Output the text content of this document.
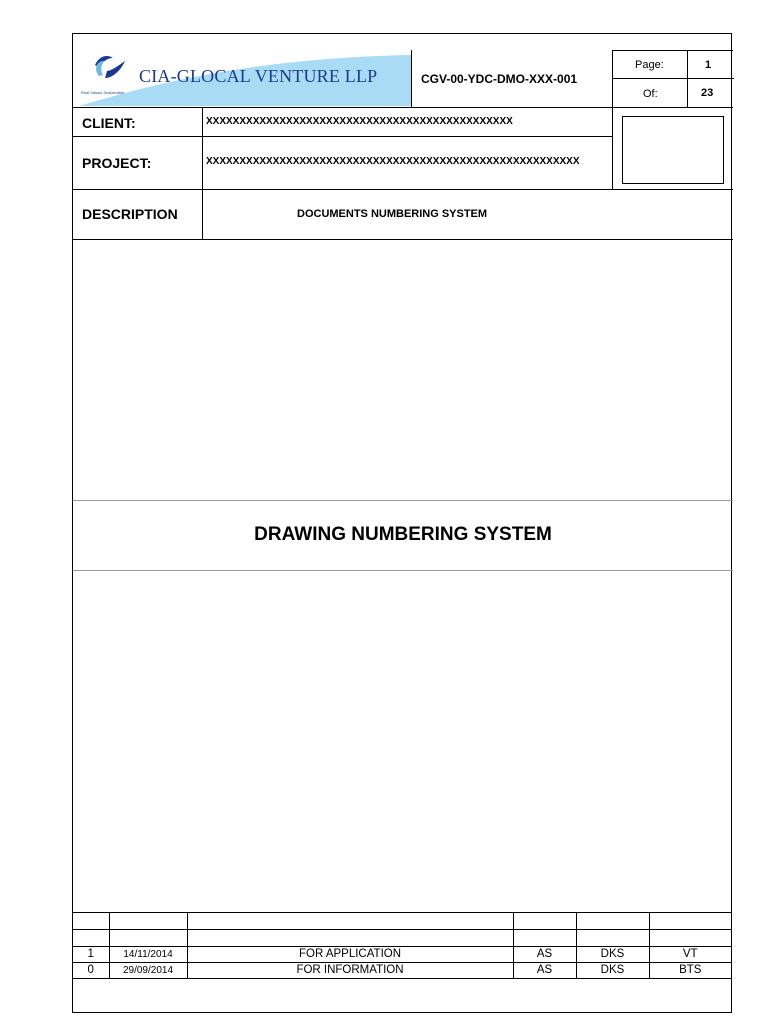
CIA-GLOCAL VENTURE LLP
Real Values Sustainable
CGV-00-YDC-DMO-XXX-001
Page:	1
Of:	23
CLIENT:	XXXXXXXXXXXXXXXXXXXXXXXXXXXXXXXXXXXXXXXXXXXXXX
PROJECT:	XXXXXXXXXXXXXXXXXXXXXXXXXXXXXXXXXXXXXXXXXXXXXXXXXXXXXXXX
DESCRIPTION	DOCUMENTS NUMBERING SYSTEM
DRAWING NUMBERING SYSTEM

1	14/11/2014	FOR APPLICATION	AS	DKS	VT
0	29/09/2014	FOR INFORMATION	AS	DKS	BTS
